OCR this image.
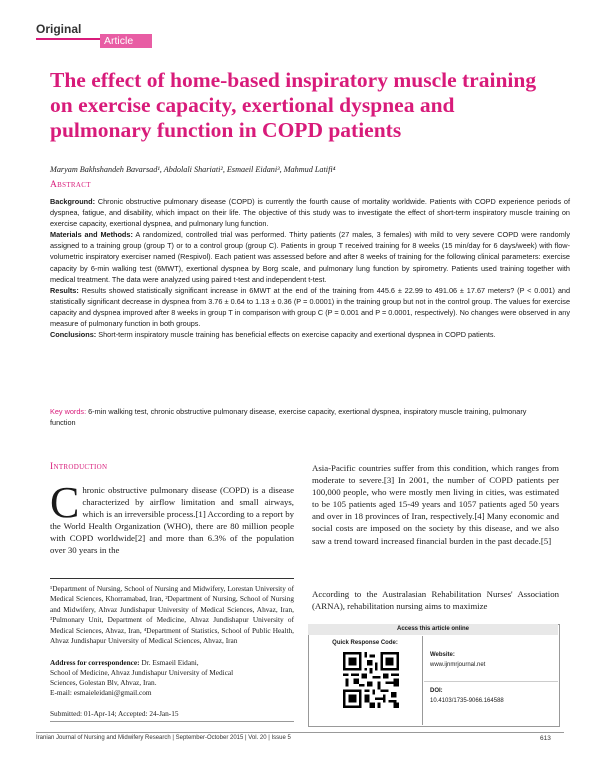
Original
Article
The effect of home-based inspiratory muscle training on exercise capacity, exertional dyspnea and pulmonary function in COPD patients
Maryam Bakhshandeh Bavarsad¹, Abdolali Shariati², Esmaeil Eidani³, Mahmud Latifi⁴
Abstract

Background: Chronic obstructive pulmonary disease (COPD) is currently the fourth cause of mortality worldwide. Patients with COPD experience periods of dyspnea, fatigue, and disability, which impact on their life. The objective of this study was to investigate the effect of short-term inspiratory muscle training on exercise capacity, exertional dyspnea, and pulmonary lung function.

Materials and Methods: A randomized, controlled trial was performed. Thirty patients (27 males, 3 females) with mild to very severe COPD were randomly assigned to a training group (group T) or to a control group (group C). Patients in group T received training for 8 weeks (15 min/day for 6 days/week) with flow-volumetric inspiratory exerciser named (Respivol). Each patient was assessed before and after 8 weeks of training for the following clinical parameters: exercise capacity by 6-min walking test (6MWT), exertional dyspnea by Borg scale, and pulmonary lung function by spirometry. Patients used training together with medical treatment. The data were analyzed using paired t-test and independent t-test.

Results: Results showed statistically significant increase in 6MWT at the end of the training from 445.6 ± 22.99 to 491.06 ± 17.67 meters? (P < 0.001) and statistically significant decrease in dyspnea from 3.76 ± 0.64 to 1.13 ± 0.36 (P = 0.0001) in the training group but not in the control group. The values for exercise capacity and dyspnea improved after 8 weeks in group T in comparison with group C (P = 0.001 and P = 0.0001, respectively). No changes were observed in any measure of pulmonary function in both groups.

Conclusions: Short-term inspiratory muscle training has beneficial effects on exercise capacity and exertional dyspnea in COPD patients.

Key words: 6-min walking test, chronic obstructive pulmonary disease, exercise capacity, exertional dyspnea, inspiratory muscle training, pulmonary function
Introduction
Chronic obstructive pulmonary disease (COPD) is a disease characterized by airflow limitation and small airways, which is an irreversible process.[1] According to a report by the World Health Organization (WHO), there are 80 million people with COPD worldwide[2] and more than 6.3% of the population over 30 years in the
¹Department of Nursing, School of Nursing and Midwifery, Lorestan University of Medical Sciences, Khorramabad, Iran, ²Department of Nursing, School of Nursing and Midwifery, Ahvaz Jundishapur University of Medical Sciences, Ahvaz, Iran, ³Pulmonary Unit, Department of Medicine, Ahvaz Jundishapur University of Medical Sciences, Ahvaz, Iran, ⁴Department of Statistics, School of Public Health, Ahvaz Jundishapur University of Medical Sciences, Ahvaz, Iran
Address for correspondence: Dr. Esmaeil Eidani,
School of Medicine, Ahvaz Jundishapur University of Medical
Sciences, Golestan Blv, Ahvaz, Iran.
E-mail: esmaieleidani@gmail.com
Submitted: 01-Apr-14; Accepted: 24-Jan-15
Asia-Pacific countries suffer from this condition, which ranges from moderate to severe.[3] In 2001, the number of COPD patients per 100,000 people, who were mostly men living in cities, was estimated to be 105 patients aged 15-49 years and 1057 patients aged 50 years and over in 18 provinces of Iran, respectively.[4] Many economic and social costs are imposed on the society by this disease, and we also saw a trend toward increased financial burden in the past decade.[5]
According to the Australasian Rehabilitation Nurses' Association (ARNA), rehabilitation nursing aims to maximize
Access this article online
Quick Response Code:
Website:
www.ijnmrjournal.net
DOI:
10.4103/1735-9066.164588
Iranian Journal of Nursing and Midwifery Research | September-October 2015 | Vol. 20 | Issue 5	613
